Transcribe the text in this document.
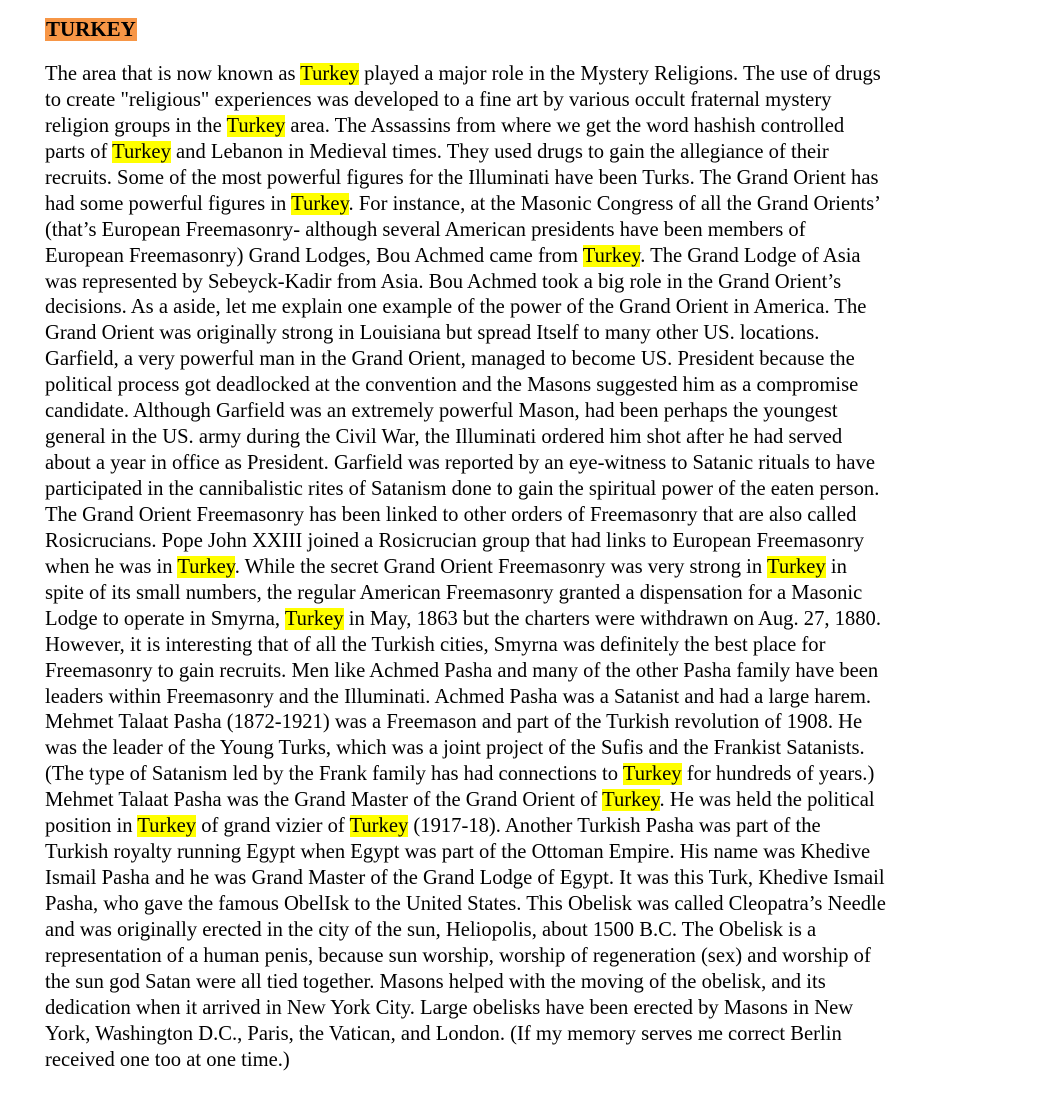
TURKEY
The area that is now known as Turkey played a major role in the Mystery Religions. The use of drugs
to create "religious" experiences was developed to a fine art by various occult fraternal mystery
religion groups in the Turkey area. The Assassins from where we get the word hashish controlled
parts of Turkey and Lebanon in Medieval times. They used drugs to gain the allegiance of their
recruits. Some of the most powerful figures for the Illuminati have been Turks. The Grand Orient has
had some powerful figures in Turkey. For instance, at the Masonic Congress of all the Grand Orients’
(that’s European Freemasonry- although several American presidents have been members of
European Freemasonry) Grand Lodges, Bou Achmed came from Turkey. The Grand Lodge of Asia
was represented by Sebeyck-Kadir from Asia. Bou Achmed took a big role in the Grand Orient’s
decisions. As a aside, let me explain one example of the power of the Grand Orient in America. The
Grand Orient was originally strong in Louisiana but spread Itself to many other US. locations.
Garfield, a very powerful man in the Grand Orient, managed to become US. President because the
political process got deadlocked at the convention and the Masons suggested him as a compromise
candidate. Although Garfield was an extremely powerful Mason, had been perhaps the youngest
general in the US. army during the Civil War, the Illuminati ordered him shot after he had served
about a year in office as President. Garfield was reported by an eye-witness to Satanic rituals to have
participated in the cannibalistic rites of Satanism done to gain the spiritual power of the eaten person.
The Grand Orient Freemasonry has been linked to other orders of Freemasonry that are also called
Rosicrucians. Pope John XXIII joined a Rosicrucian group that had links to European Freemasonry
when he was in Turkey. While the secret Grand Orient Freemasonry was very strong in Turkey in
spite of its small numbers, the regular American Freemasonry granted a dispensation for a Masonic
Lodge to operate in Smyrna, Turkey in May, 1863 but the charters were withdrawn on Aug. 27, 1880.
However, it is interesting that of all the Turkish cities, Smyrna was definitely the best place for
Freemasonry to gain recruits. Men like Achmed Pasha and many of the other Pasha family have been
leaders within Freemasonry and the Illuminati. Achmed Pasha was a Satanist and had a large harem.
Mehmet Talaat Pasha (1872-1921) was a Freemason and part of the Turkish revolution of 1908. He
was the leader of the Young Turks, which was a joint project of the Sufis and the Frankist Satanists.
(The type of Satanism led by the Frank family has had connections to Turkey for hundreds of years.)
Mehmet Talaat Pasha was the Grand Master of the Grand Orient of Turkey. He was held the political
position in Turkey of grand vizier of Turkey (1917-18). Another Turkish Pasha was part of the
Turkish royalty running Egypt when Egypt was part of the Ottoman Empire. His name was Khedive
Ismail Pasha and he was Grand Master of the Grand Lodge of Egypt. It was this Turk, Khedive Ismail
Pasha, who gave the famous ObelIsk to the United States. This Obelisk was called Cleopatra’s Needle
and was originally erected in the city of the sun, Heliopolis, about 1500 B.C. The Obelisk is a
representation of a human penis, because sun worship, worship of regeneration (sex) and worship of
the sun god Satan were all tied together. Masons helped with the moving of the obelisk, and its
dedication when it arrived in New York City. Large obelisks have been erected by Masons in New
York, Washington D.C., Paris, the Vatican, and London. (If my memory serves me correct Berlin
received one too at one time.)
